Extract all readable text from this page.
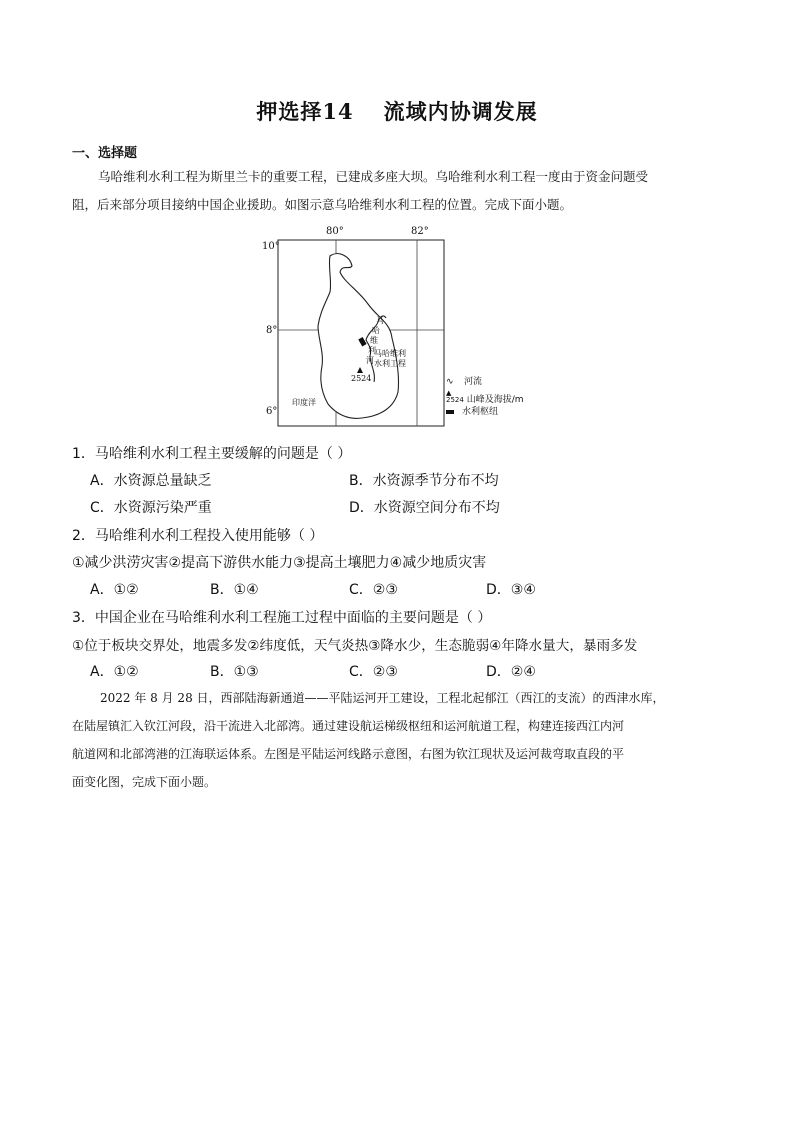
押选择14 流域内协调发展
一、选择题
乌哈维利水利工程为斯里兰卡的重要工程，已建成多座大坝。乌哈维利水利工程一度由于资金问题受
阻，后来部分项目接纳中国企业援助。如图示意乌哈维利水利工程的位置。完成下面小题。
80°	82°
10°
8°
6°
马
哈
维
利
河
马哈维利
水利工程
2524
印度洋
∿ 河流
▲
2524 山峰及海拔/m
水利枢纽
1．马哈维利水利工程主要缓解的问题是（ ）
A．水资源总量缺乏	B．水资源季节分布不均
C．水资源污染严重	D．水资源空间分布不均
2．马哈维利水利工程投入使用能够（ ）
①减少洪涝灾害②提高下游供水能力③提高土壤肥力④减少地质灾害
A．①②	B．①④	C．②③	D．③④
3．中国企业在马哈维利水利工程施工过程中面临的主要问题是（ ）
①位于板块交界处，地震多发②纬度低，天气炎热③降水少，生态脆弱④年降水量大，暴雨多发
A．①②	B．①③	C．②③	D．②④
2022 年 8 月 28 日，西部陆海新通道——平陆运河开工建设，工程北起郁江（西江的支流）的西津水库，
在陆屋镇汇入钦江河段，沿干流进入北部湾。通过建设航运梯级枢纽和运河航道工程，构建连接西江内河
航道网和北部湾港的江海联运体系。左图是平陆运河线路示意图，右图为钦江现状及运河裁弯取直段的平
面变化图，完成下面小题。
